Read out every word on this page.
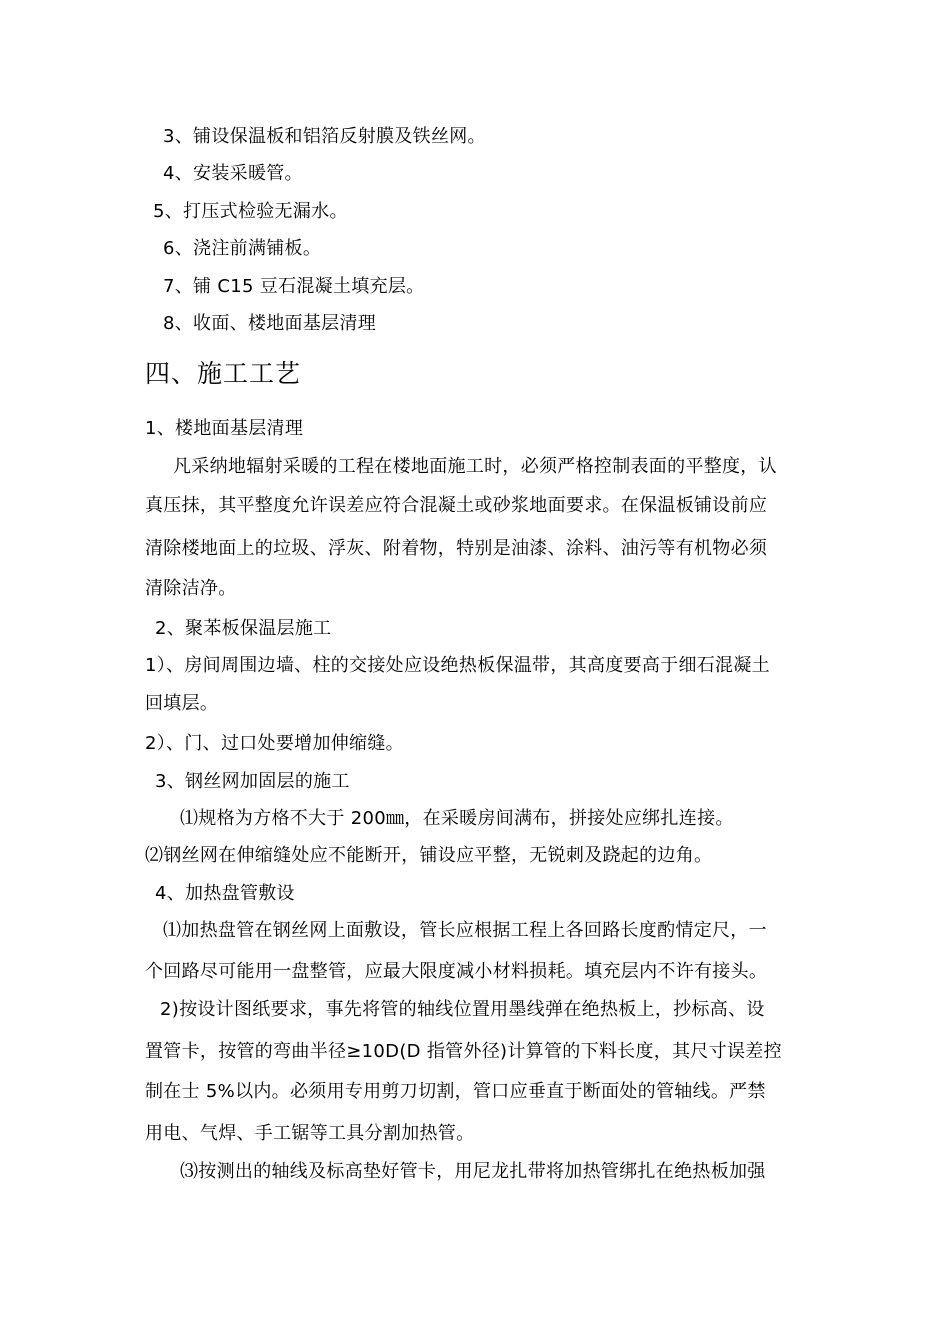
3、铺设保温板和铝箔反射膜及铁丝网。
4、安装采暖管。
5、打压式检验无漏水。
6、浇注前满铺板。
7、铺 C15 豆石混凝土填充层。
8、收面、楼地面基层清理
四、施工工艺
1、楼地面基层清理
凡采纳地辐射采暖的工程在楼地面施工时，必须严格控制表面的平整度，认
真压抹，其平整度允许误差应符合混凝土或砂浆地面要求。在保温板铺设前应
清除楼地面上的垃圾、浮灰、附着物，特别是油漆、涂料、油污等有机物必须
清除洁净。
2、聚苯板保温层施工
1）、房间周围边墙、柱的交接处应设绝热板保温带，其高度要高于细石混凝土
回填层。
2）、门、过口处要增加伸缩缝。
3、钢丝网加固层的施工
⑴规格为方格不大于 200㎜，在采暖房间满布，拼接处应绑扎连接。
⑵钢丝网在伸缩缝处应不能断开，铺设应平整，无锐刺及跷起的边角。
4、加热盘管敷设
⑴加热盘管在钢丝网上面敷设，管长应根据工程上各回路长度酌情定尺，一
个回路尽可能用一盘整管，应最大限度减小材料损耗。填充层内不许有接头。
2)按设计图纸要求，事先将管的轴线位置用墨线弹在绝热板上，抄标高、设
置管卡，按管的弯曲半径≥10D(D 指管外径)计算管的下料长度，其尺寸误差控
制在士 5%以内。必须用专用剪刀切割，管口应垂直于断面处的管轴线。严禁
用电、气焊、手工锯等工具分割加热管。
⑶按测出的轴线及标高垫好管卡，用尼龙扎带将加热管绑扎在绝热板加强
